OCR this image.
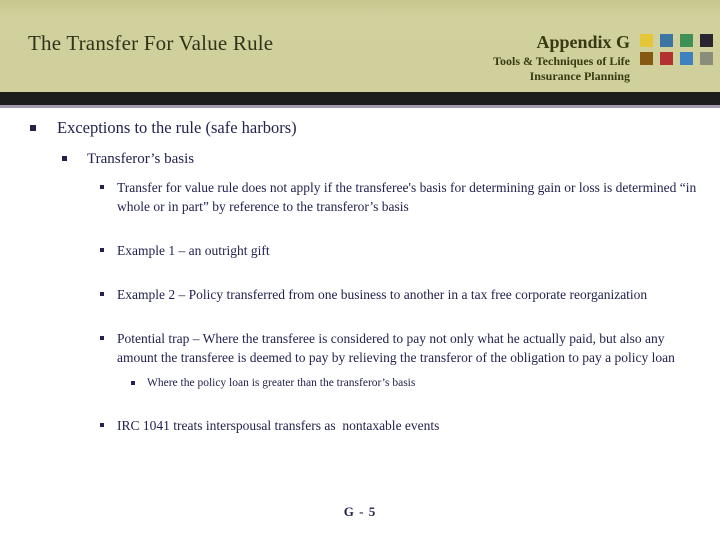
The Transfer For Value Rule	Appendix G
Tools & Techniques of Life
Insurance Planning
Exceptions to the rule (safe harbors)
Transferor’s basis
Transfer for value rule does not apply if the transferee's basis for determining gain or loss is determined “in whole or in part” by reference to the transferor’s basis
Example 1 – an outright gift
Example 2 – Policy transferred from one business to another in a tax free corporate reorganization
Potential trap – Where the transferee is considered to pay not only what he actually paid, but also any amount the transferee is deemed to pay by relieving the transferor of the obligation to pay a policy loan
Where the policy loan is greater than the transferor’s basis
IRC 1041 treats interspousal transfers as  nontaxable events
G - 5
